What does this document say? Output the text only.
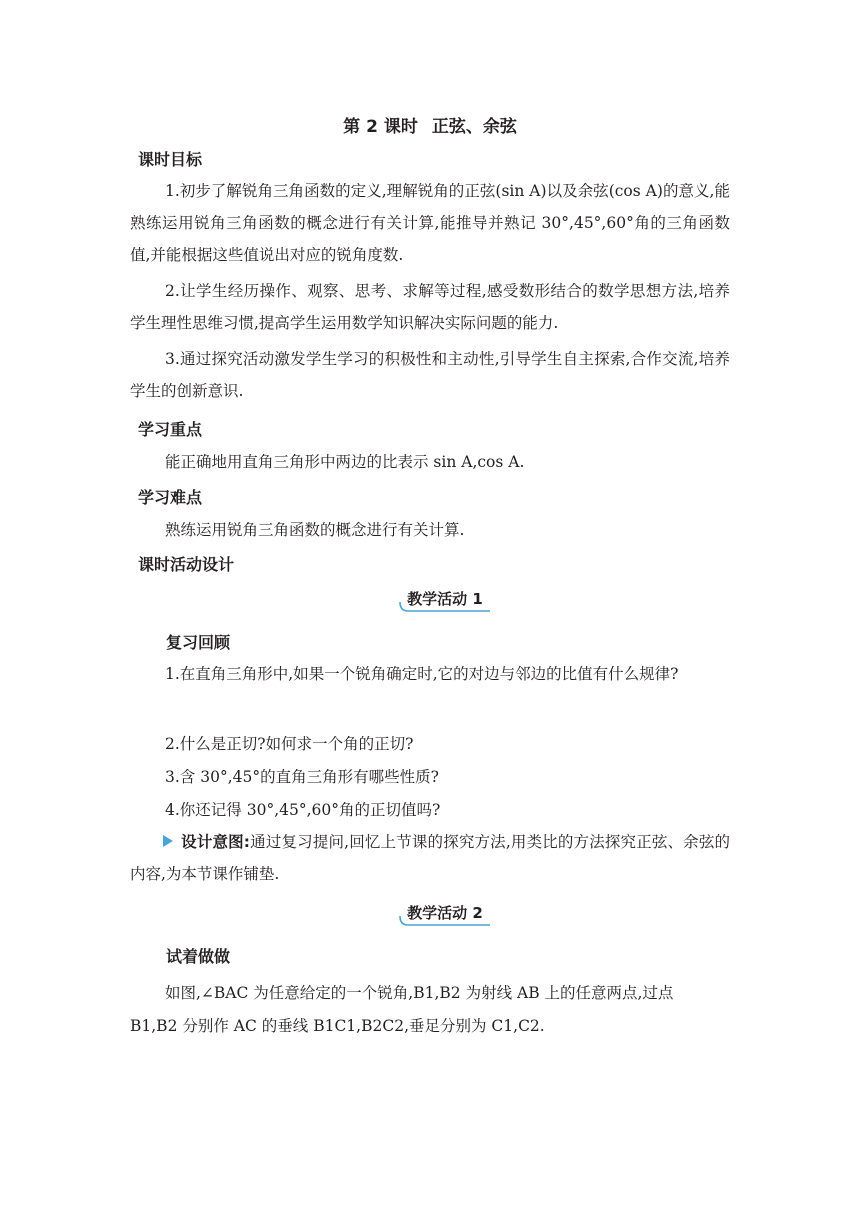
第 2 课时 正弦、余弦
课时目标
1.初步了解锐角三角函数的定义,理解锐角的正弦(sin A)以及余弦(cos A)的意义,能熟练运用锐角三角函数的概念进行有关计算,能推导并熟记 30°,45°,60°角的三角函数值,并能根据这些值说出对应的锐角度数.
2.让学生经历操作、观察、思考、求解等过程,感受数形结合的数学思想方法,培养学生理性思维习惯,提高学生运用数学知识解决实际问题的能力.
3.通过探究活动激发学生学习的积极性和主动性,引导学生自主探索,合作交流,培养学生的创新意识.
学习重点
能正确地用直角三角形中两边的比表示 sin A,cos A.
学习难点
熟练运用锐角三角函数的概念进行有关计算.
课时活动设计
教学活动 1
复习回顾
1.在直角三角形中,如果一个锐角确定时,它的对边与邻边的比值有什么规律?
2.什么是正切?如何求一个角的正切?
3.含 30°,45°的直角三角形有哪些性质?
4.你还记得 30°,45°,60°角的正切值吗?
设计意图:通过复习提问,回忆上节课的探究方法,用类比的方法探究正弦、余弦的内容,为本节课作铺垫.
教学活动 2
试着做做
如图,∠BAC 为任意给定的一个锐角,B1,B2 为射线 AB 上的任意两点,过点
B1,B2 分别作 AC 的垂线 B1C1,B2C2,垂足分别为 C1,C2.
